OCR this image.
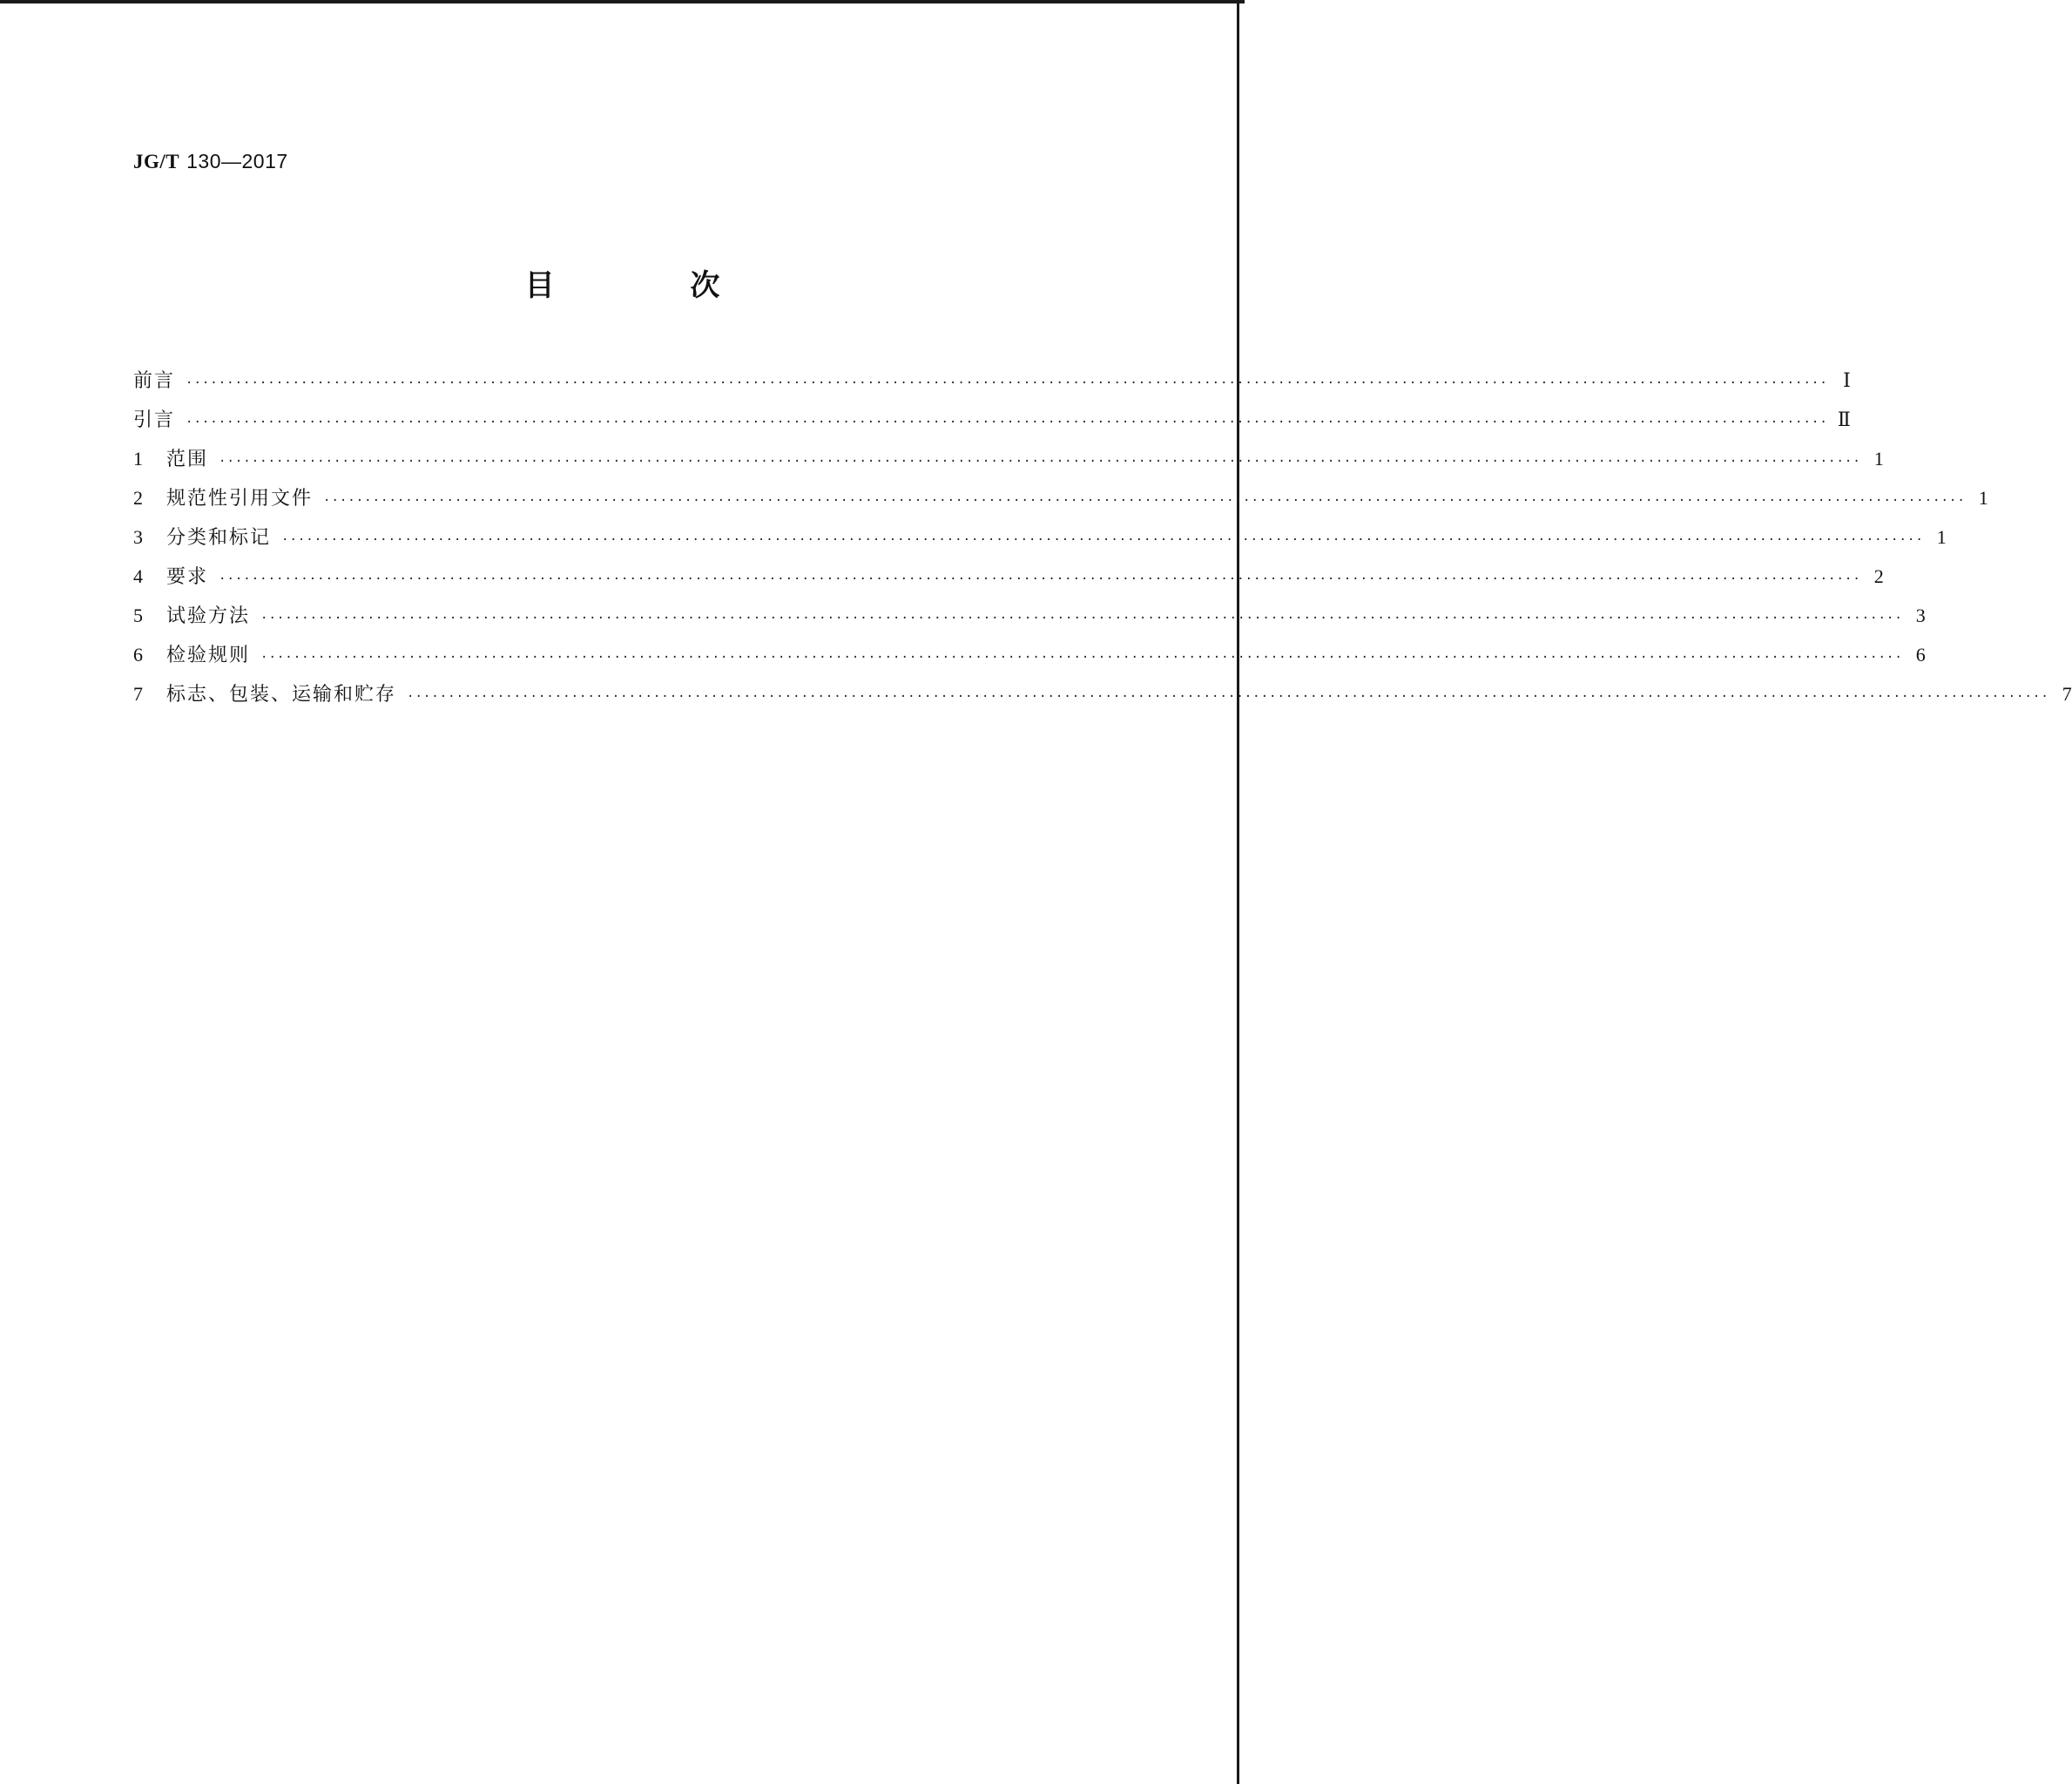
JG/T 130—2017
目 次
前言 ········································································································································································································ Ⅰ
引言 ········································································································································································································ Ⅱ
1	范围 ········································································································································································································ 1
2	规范性引用文件 ········································································································································································································ 1
3	分类和标记 ········································································································································································································ 1
4	要求 ········································································································································································································ 2
5	试验方法 ········································································································································································································ 3
6	检验规则 ········································································································································································································ 6
7	标志、包装、运输和贮存 ········································································································································································································ 7
